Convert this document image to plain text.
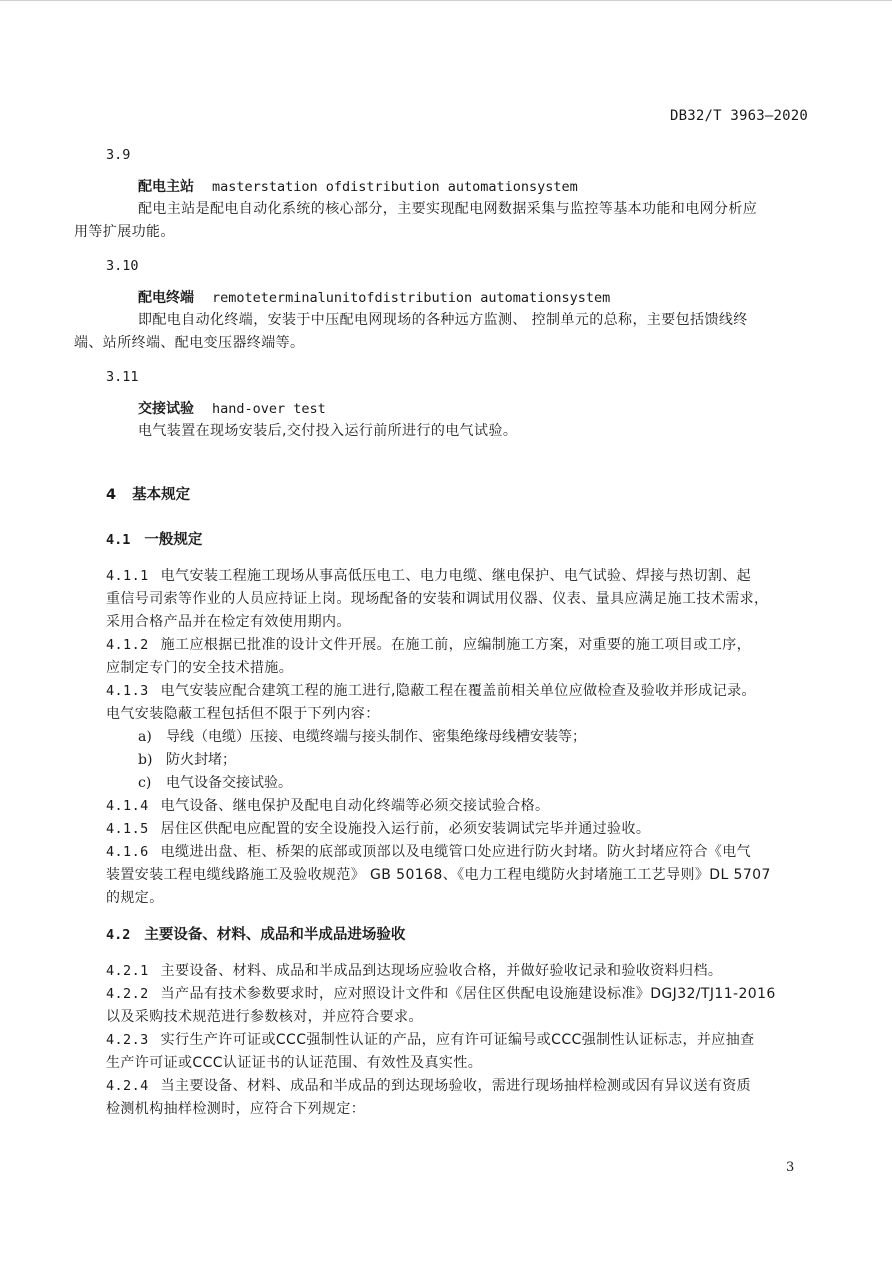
DB32/T 3963—2020

3.9

配电主站 masterstation ofdistribution automationsystem

配电主站是配电自动化系统的核心部分，主要实现配电网数据采集与监控等基本功能和电网分析应
用等扩展功能。

3.10

配电终端 remoteterminalunitofdistribution automationsystem

即配电自动化终端，安装于中压配电网现场的各种远方监测、 控制单元的总称，主要包括馈线终
端、站所终端、配电变压器终端等。

3.11

交接试验 hand-over test

电气装置在现场安装后,交付投入运行前所进行的电气试验。

4 基本规定

4.1 一般规定

4.1.1 电气安装工程施工现场从事高低压电工、电力电缆、继电保护、电气试验、焊接与热切割、起
重信号司索等作业的人员应持证上岗。现场配备的安装和调试用仪器、仪表、量具应满足施工技术需求，
采用合格产品并在检定有效使用期内。

4.1.2 施工应根据已批准的设计文件开展。在施工前，应编制施工方案，对重要的施工项目或工序，
应制定专门的安全技术措施。

4.1.3 电气安装应配合建筑工程的施工进行,隐蔽工程在覆盖前相关单位应做检查及验收并形成记录。
电气安装隐蔽工程包括但不限于下列内容：

a) 导线（电缆）压接、电缆终端与接头制作、密集绝缘母线槽安装等；

b) 防火封堵；

c) 电气设备交接试验。

4.1.4 电气设备、继电保护及配电自动化终端等必须交接试验合格。

4.1.5 居住区供配电应配置的安全设施投入运行前，必须安装调试完毕并通过验收。

4.1.6 电缆进出盘、柜、桥架的底部或顶部以及电缆管口处应进行防火封堵。防火封堵应符合《电气
装置安装工程电缆线路施工及验收规范》 GB 50168、《电力工程电缆防火封堵施工工艺导则》DL 5707
的规定。

4.2 主要设备、材料、成品和半成品进场验收

4.2.1 主要设备、材料、成品和半成品到达现场应验收合格，并做好验收记录和验收资料归档。

4.2.2 当产品有技术参数要求时，应对照设计文件和《居住区供配电设施建设标准》DGJ32/TJ11-2016
以及采购技术规范进行参数核对，并应符合要求。

4.2.3 实行生产许可证或CCC强制性认证的产品，应有许可证编号或CCC强制性认证标志，并应抽查
生产许可证或CCC认证证书的认证范围、有效性及真实性。

4.2.4 当主要设备、材料、成品和半成品的到达现场验收，需进行现场抽样检测或因有异议送有资质
检测机构抽样检测时，应符合下列规定：

3
